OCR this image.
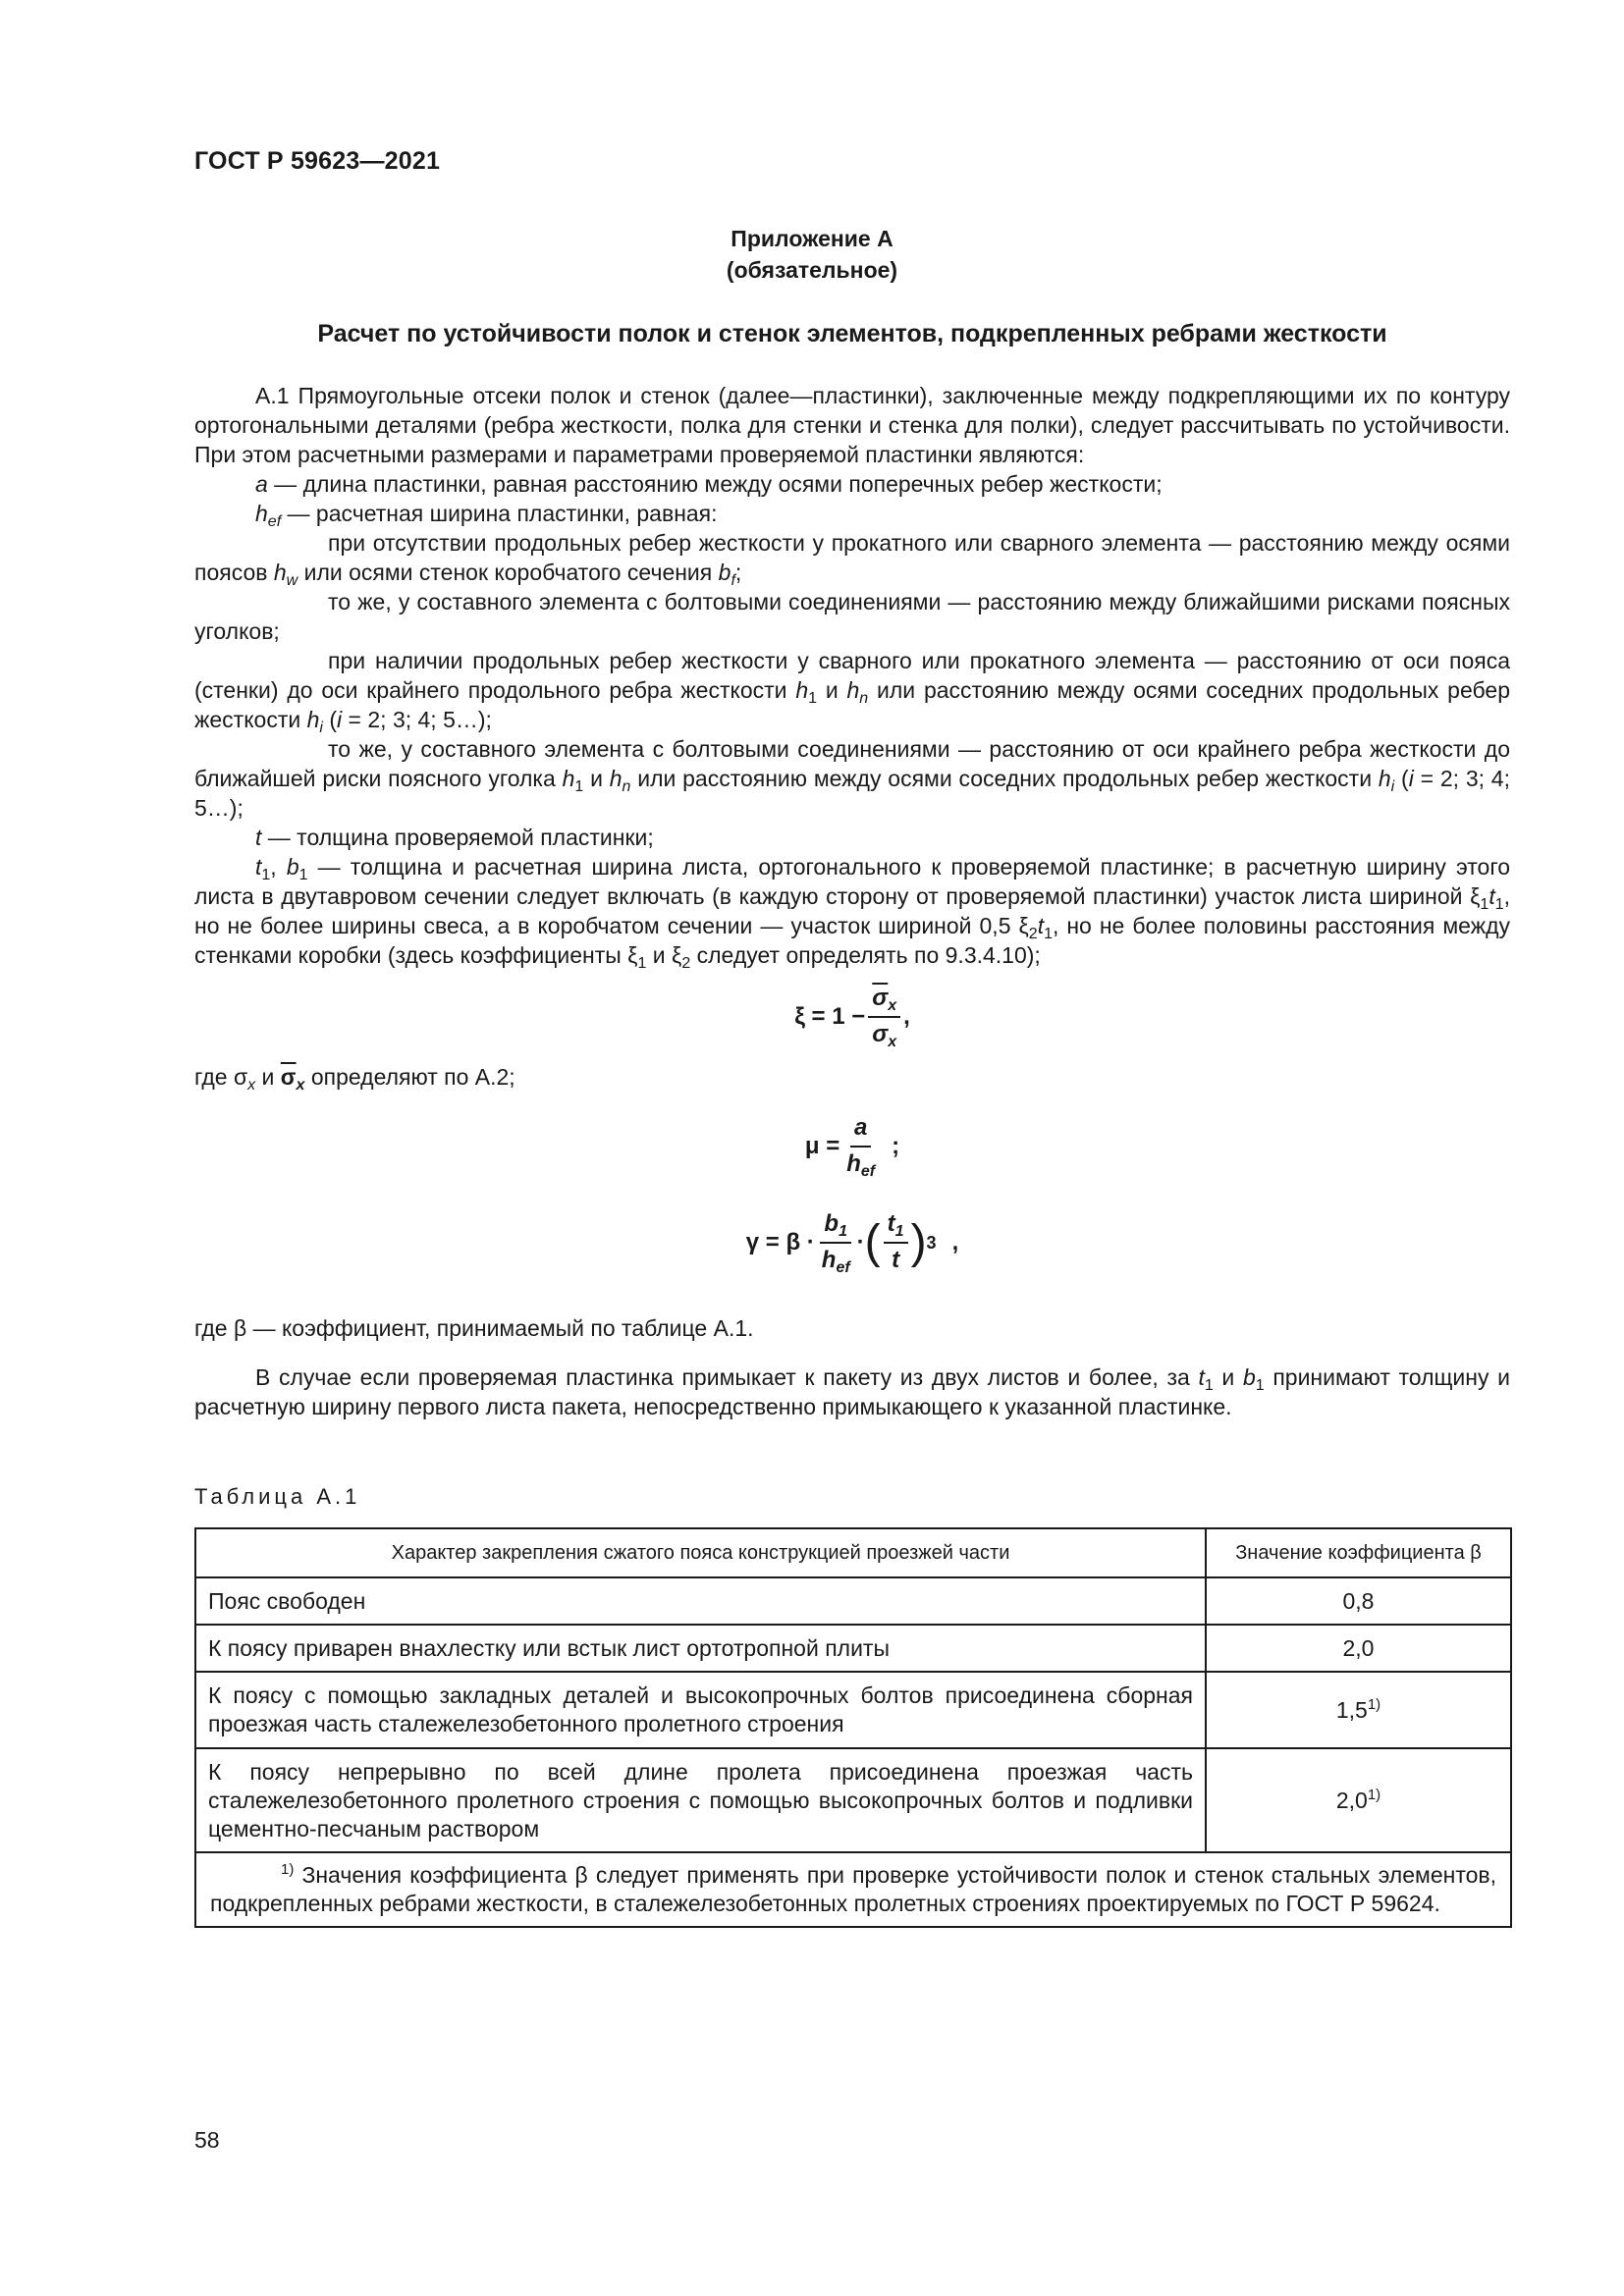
ГОСТ Р 59623—2021
Приложение А
(обязательное)
Расчет по устойчивости полок и стенок элементов, подкрепленных ребрами жесткости

А.1 Прямоугольные отсеки полок и стенок (далее—пластинки), заключенные между подкрепляющими их по контуру ортогональными деталями (ребра жесткости, полка для стенки и стенка для полки), следует рассчитывать по устойчивости. При этом расчетными размерами и параметрами проверяемой пластинки являются:

a — длина пластинки, равная расстоянию между осями поперечных ребер жесткости;

$h_{ef}$ — расчетная ширина пластинки, равная:

при отсутствии продольных ребер жесткости у прокатного или сварного элемента — расстоянию между осями поясов $h_w$ или осями стенок коробчатого сечения $b_f$;

то же, у составного элемента с болтовыми соединениями — расстоянию между ближайшими рисками поясных уголков;

при наличии продольных ребер жесткости у сварного или прокатного элемента — расстоянию от оси пояса (стенки) до оси крайнего продольного ребра жесткости $h_1$ и $h_n$ или расстоянию между осями соседних продольных ребер жесткости $h_i$ (i = 2; 3; 4; 5…);

то же, у составного элемента с болтовыми соединениями — расстоянию от оси крайнего ребра жесткости до ближайшей риски поясного уголка $h_1$ и $h_n$ или расстоянию между осями соседних продольных ребер жесткости $h_i$ (i = 2; 3; 4; 5…);

t — толщина проверяемой пластинки;

$t_1$, $b_1$ — толщина и расчетная ширина листа, ортогонального к проверяемой пластинке; в расчетную ширину этого листа в двутавровом сечении следует включать (в каждую сторону от проверяемой пластинки) участок листа шириной $\xi_1t_1$, но не более ширины свеса, а в коробчатом сечении — участок шириной 0,5 $\xi_2t_1$, но не более половины расстояния между стенками коробки (здесь коэффициенты $\xi_1$ и $\xi_2$ следует определять по 9.3.4.10);

$\xi = 1 - \frac{\overline{\sigma}_x}{\sigma_x}$ ,

где $\sigma_x$ и $\overline{\sigma}_x$ определяют по А.2;

$\mu = \frac{a}{h_{ef}}$ ;
$\gamma = \beta \cdot \frac{b_1}{h_{ef}}$ · ( $\frac{t_1}{t}$ ) 3 ,

где β — коэффициент, принимаемый по таблице А.1.

В случае если проверяемая пластинка примыкает к пакету из двух листов и более, за $t_1$ и $b_1$ принимают толщину и расчетную ширину первого листа пакета, непосредственно примыкающего к указанной пластинке.

Таблица А.1
Характер закрепления сжатого пояса конструкцией проезжей части	Значение коэффициента β
Пояс свободен	0,8
К поясу приварен внахлестку или встык лист ортотропной плиты	2,0
К поясу с помощью закладных деталей и высокопрочных болтов присоединена сборная проезжая часть сталежелезобетонного пролетного строения	1,5$^{1)}$
К поясу непрерывно по всей длине пролета присоединена проезжая часть сталежелезобетонного пролетного строения с помощью высокопрочных болтов и подливки цементно-песчаным раствором	2,0$^{1)}$
$^{1)}$ Значения коэффициента β следует применять при проверке устойчивости полок и стенок стальных элементов, подкрепленных ребрами жесткости, в сталежелезобетонных пролетных строениях проектируемых по ГОСТ Р 59624.	
58
